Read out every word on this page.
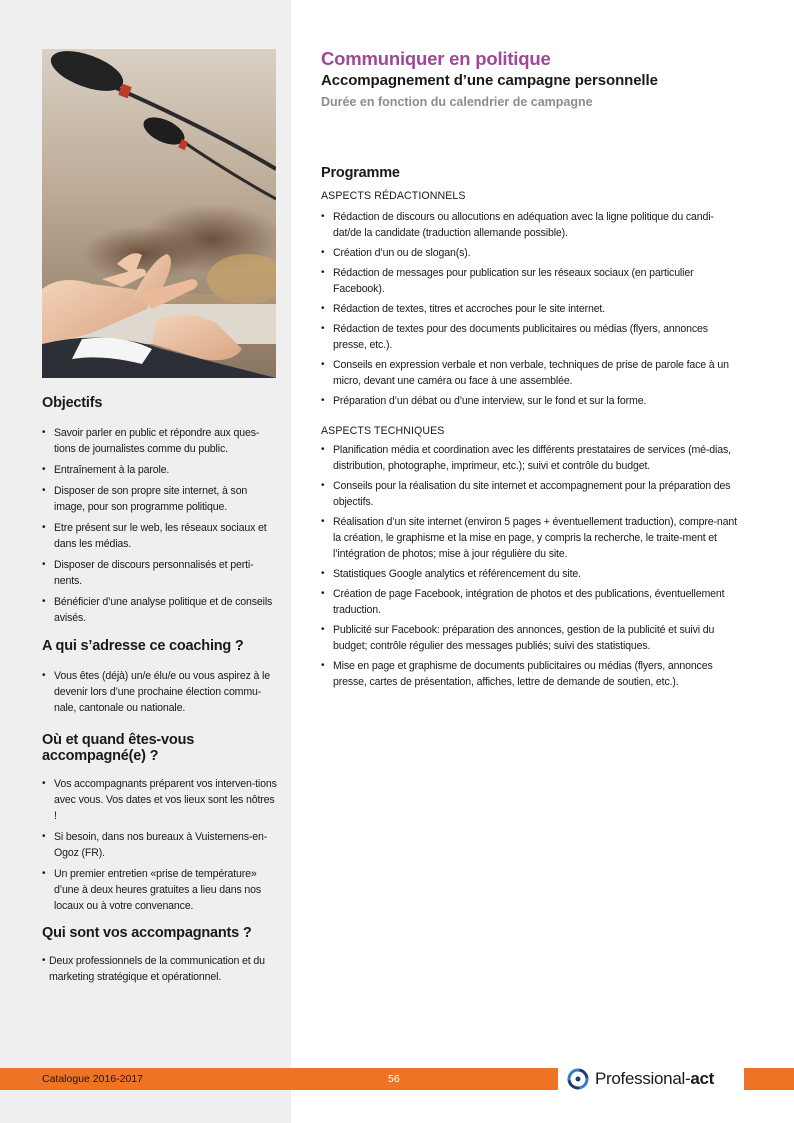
Objectifs
• Savoir parler en public et répondre aux ques-tions de journalistes comme du public.
• Entraînement à la parole.
• Disposer de son propre site internet, à son image, pour son programme politique.
• Etre présent sur le web, les réseaux sociaux et dans les médias.
• Disposer de discours personnalisés et perti-nents.
• Bénéficier d’une analyse politique et de conseils avisés.
A qui s’adresse ce coaching ?
• Vous êtes (déjà) un/e élu/e ou vous aspirez à le devenir lors d’une prochaine élection commu-nale, cantonale ou nationale.
Où et quand êtes-vous accompagné(e) ?
• Vos accompagnants préparent vos interven-tions avec vous. Vos dates et vos lieux sont les nôtres !
• Si besoin, dans nos bureaux à Vuisternens-en-Ogoz (FR).
• Un premier entretien «prise de température» d’une à deux heures gratuites a lieu dans nos locaux ou à votre convenance.
Qui sont vos accompagnants ?
• Deux professionnels de la communication et du marketing stratégique et opérationnel.
Communiquer en politique
Accompagnement d’une campagne personnelle

Durée en fonction du calendrier de campagne

Programme
ASPECTS RÉDACTIONNELS
• Rédaction de discours ou allocutions en adéquation avec la ligne politique du candi-dat/de la candidate (traduction allemande possible).
• Création d’un ou de slogan(s).
• Rédaction de messages pour publication sur les réseaux sociaux (en particulier Facebook).
• Rédaction de textes, titres et accroches pour le site internet.
• Rédaction de textes pour des documents publicitaires ou médias (flyers, annonces presse, etc.).
• Conseils en expression verbale et non verbale, techniques de prise de parole face à un micro, devant une caméra ou face à une assemblée.
• Préparation d’un débat ou d’une interview, sur le fond et sur la forme.
ASPECTS TECHNIQUES
• Planification média et coordination avec les différents prestataires de services (mé-dias, distribution, photographe, imprimeur, etc.); suivi et contrôle du budget.
• Conseils pour la réalisation du site internet et accompagnement pour la préparation des objectifs.
• Réalisation d’un site internet (environ 5 pages + éventuellement traduction), compre-nant la création, le graphisme et la mise en page, y compris la recherche, le traite-ment et l’intégration de photos; mise à jour régulière du site.
• Statistiques Google analytics et référencement du site.
• Création de page Facebook, intégration de photos et des publications, éventuellement traduction.
• Publicité sur Facebook: préparation des annonces, gestion de la publicité et suivi du budget; contrôle régulier des messages publiés; suivi des statistiques.
• Mise en page et graphisme de documents publicitaires ou médias (flyers, annonces presse, cartes de présentation, affiches, lettre de demande de soutien, etc.).
Catalogue 2016-2017	56	Professional-act
